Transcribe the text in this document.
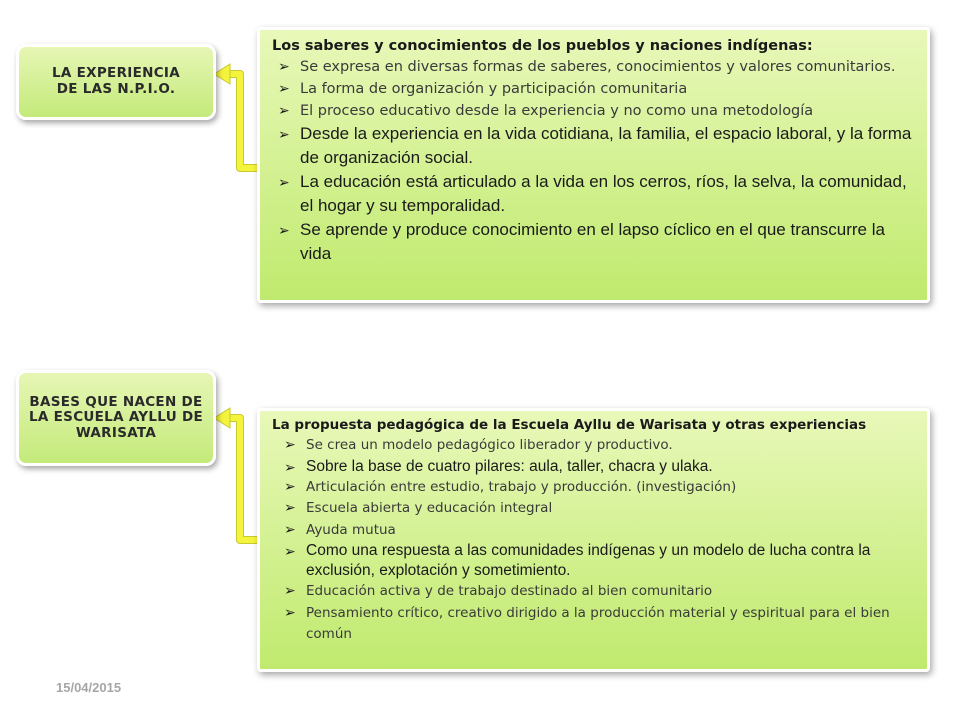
LA EXPERIENCIA DE LAS N.P.I.O.
Los saberes y conocimientos de los pueblos y naciones indígenas:
➢ Se expresa en diversas formas de saberes, conocimientos y valores comunitarios.
➢ La forma de organización y participación comunitaria
➢ El proceso educativo desde la experiencia y no como una metodología
➢ Desde la experiencia en la vida cotidiana, la familia, el espacio laboral, y la forma de organización social.
➢ La educación está articulado a la vida en los cerros, ríos, la selva, la comunidad, el hogar y su temporalidad.
➢ Se aprende y produce conocimiento en el lapso cíclico en el que transcurre la vida
BASES QUE NACEN DE LA ESCUELA AYLLU DE WARISATA	La propuesta pedagógica de la Escuela Ayllu de Warisata y otras experiencias
➢ Se crea un modelo pedagógico liberador y productivo.
➢ Sobre la base de cuatro pilares: aula, taller, chacra y ulaka.
➢ Articulación entre estudio, trabajo y producción. (investigación)
➢ Escuela abierta y educación integral
➢ Ayuda mutua
➢ Como una respuesta a las comunidades indígenas y un modelo de lucha contra la exclusión, explotación y sometimiento.
➢ Educación activa y de trabajo destinado al bien comunitario
➢ Pensamiento crítico, creativo dirigido a la producción material y espiritual para el bien común
15/04/2015
